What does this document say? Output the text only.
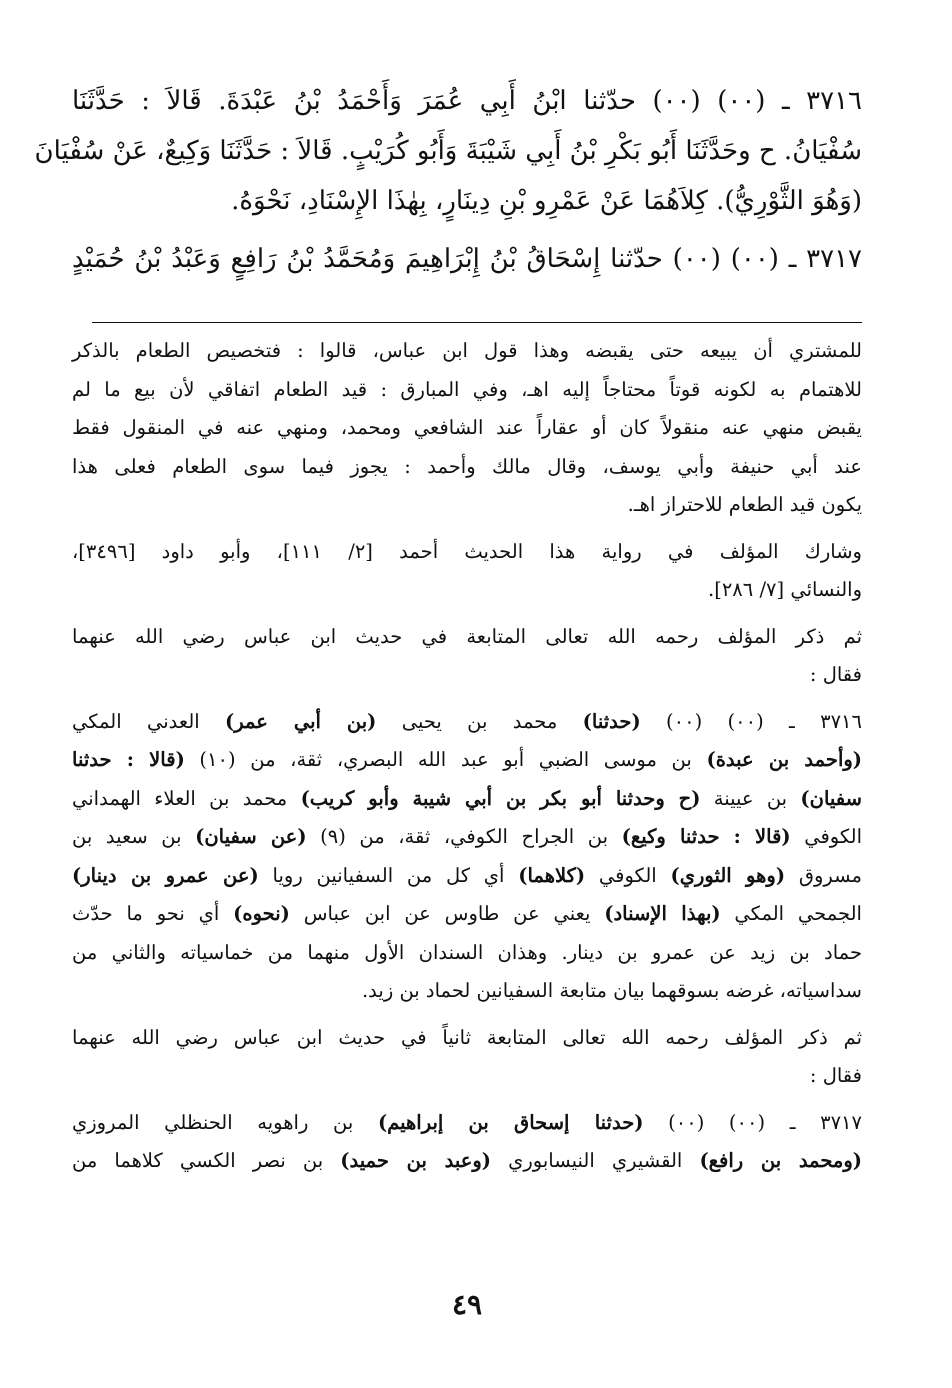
٣٧١٦ ـ (٠٠) (٠٠) حدّثنا ابْنُ أَبِي عُمَرَ وَأَحْمَدُ بْنُ عَبْدَةَ. قَالاَ : حَدَّثَنَا
سُفْيَانُ. ح وحَدَّثَنَا أَبُو بَكْرِ بْنُ أَبِي شَيْبَةَ وَأَبُو كُرَيْبٍ. قَالاَ : حَدَّثَنَا وَكِيعٌ، عَنْ سُفْيَانَ
(وَهُوَ الثَّوْرِيُّ). كِلاَهُمَا عَنْ عَمْرِو بْنِ دِينَارٍ، بِهٰذَا الإِسْنَادِ، نَحْوَهُ.
٣٧١٧ ـ (٠٠) (٠٠) حدّثنا إِسْحَاقُ بْنُ إِبْرَاهِيمَ وَمُحَمَّدُ بْنُ رَافِعٍ وَعَبْدُ بْنُ حُمَيْدٍ
للمشتري أن يبيعه حتى يقبضه وهذا قول ابن عباس، قالوا : فتخصيص الطعام بالذكر
للاهتمام به لكونه قوتاً محتاجاً إليه اهـ، وفي المبارق : قيد الطعام اتفاقي لأن بيع ما لم
يقبض منهي عنه منقولاً كان أو عقاراً عند الشافعي ومحمد، ومنهي عنه في المنقول فقط
عند أبي حنيفة وأبي يوسف، وقال مالك وأحمد : يجوز فيما سوى الطعام فعلى هذا
يكون قيد الطعام للاحتراز اهـ.
وشارك المؤلف في رواية هذا الحديث أحمد [٢/ ١١١]، وأبو داود [٣٤٩٦]،
والنسائي [٧/ ٢٨٦].
ثم ذكر المؤلف رحمه الله تعالى المتابعة في حديث ابن عباس رضي الله عنهما
فقال :
٣٧١٦ ـ (٠٠) (٠٠) (حدثنا) محمد بن يحيى (بن أبي عمر) العدني المكي
(وأحمد بن عبدة) بن موسى الضبي أبو عبد الله البصري، ثقة، من (١٠) (قالا : حدثنا
سفيان) بن عيينة (ح وحدثنا أبو بكر بن أبي شيبة وأبو كريب) محمد بن العلاء الهمداني
الكوفي (قالا : حدثنا وكيع) بن الجراح الكوفي، ثقة، من (٩) (عن سفيان) بن سعيد بن
مسروق (وهو الثوري) الكوفي (كلاهما) أي كل من السفيانين رويا (عن عمرو بن دينار)
الجمحي المكي (بهذا الإسناد) يعني عن طاوس عن ابن عباس (نحوه) أي نحو ما حدّث
حماد بن زيد عن عمرو بن دينار. وهذان السندان الأول منهما من خماسياته والثاني من
سداسياته، غرضه بسوقهما بيان متابعة السفيانين لحماد بن زيد.
ثم ذكر المؤلف رحمه الله تعالى المتابعة ثانياً في حديث ابن عباس رضي الله عنهما
فقال :
٣٧١٧ ـ (٠٠) (٠٠) (حدثنا إسحاق بن إبراهيم) بن راهويه الحنظلي المروزي
(ومحمد بن رافع) القشيري النيسابوري (وعبد بن حميد) بن نصر الكسي كلاهما من
٤٩
